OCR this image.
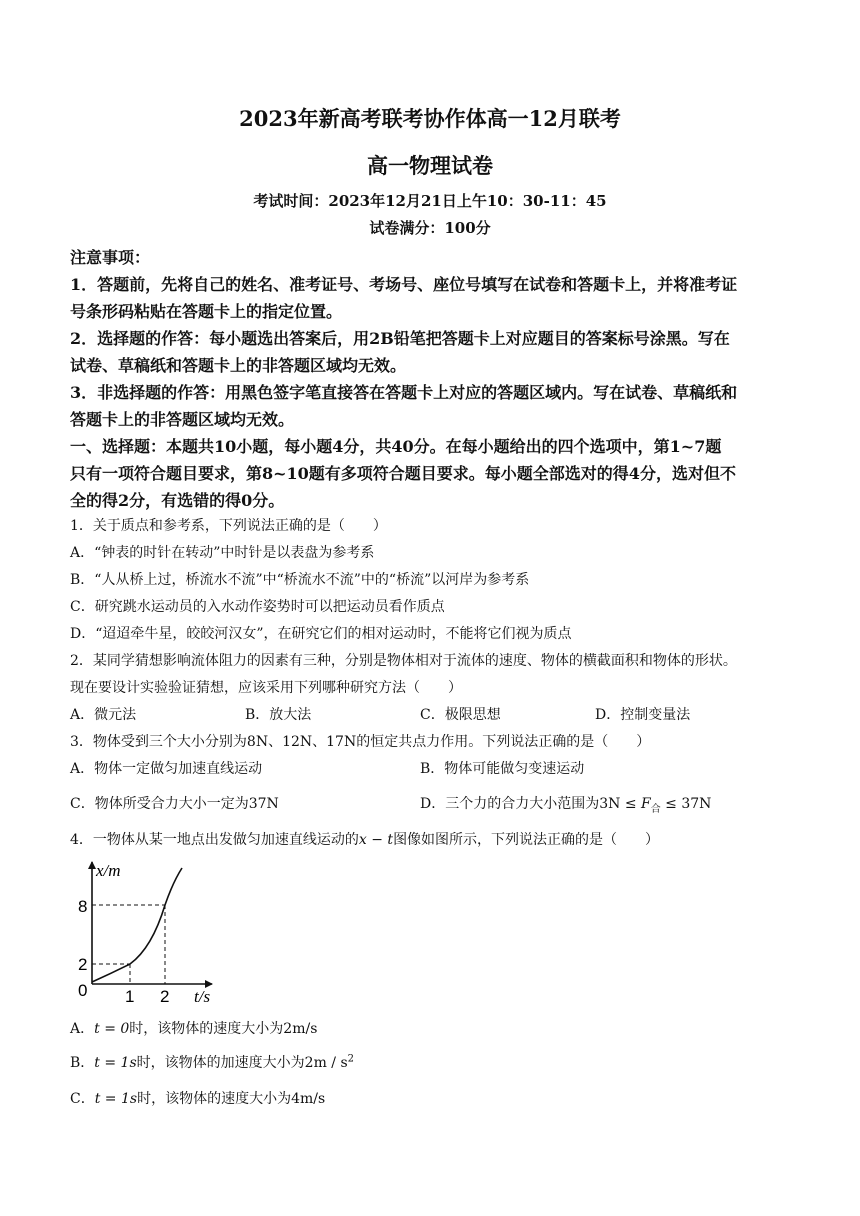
2023年新高考联考协作体高一12月联考
高一物理试卷
考试时间：2023年12月21日上午10：30-11：45
试卷满分：100分
注意事项：
1．答题前，先将自己的姓名、准考证号、考场号、座位号填写在试卷和答题卡上，并将准考证
号条形码粘贴在答题卡上的指定位置。
2．选择题的作答：每小题选出答案后，用2B铅笔把答题卡上对应题目的答案标号涂黑。写在
试卷、草稿纸和答题卡上的非答题区域均无效。
3．非选择题的作答：用黑色签字笔直接答在答题卡上对应的答题区域内。写在试卷、草稿纸和
答题卡上的非答题区域均无效。
一、选择题：本题共10小题，每小题4分，共40分。在每小题给出的四个选项中，第1~7题
只有一项符合题目要求，第8~10题有多项符合题目要求。每小题全部选对的得4分，选对但不
全的得2分，有选错的得0分。
1．关于质点和参考系，下列说法正确的是（　　）
A．“钟表的时针在转动”中时针是以表盘为参考系
B．“人从桥上过，桥流水不流”中“桥流水不流”中的“桥流”以河岸为参考系
C．研究跳水运动员的入水动作姿势时可以把运动员看作质点
D．“迢迢牵牛星，皎皎河汉女”，在研究它们的相对运动时，不能将它们视为质点
2．某同学猜想影响流体阻力的因素有三种，分别是物体相对于流体的速度、物体的横截面积和物体的形状。
现在要设计实验验证猜想，应该采用下列哪种研究方法（　　）
A．微元法	B．放大法	C．极限思想	D．控制变量法
3．物体受到三个大小分别为8N、12N、17N的恒定共点力作用。下列说法正确的是（　　）
A．物体一定做匀加速直线运动	B．物体可能做匀变速运动
C．物体所受合力大小一定为37N	D．三个力的合力大小范围为$3N \le F_合 \le 37N$
4．一物体从某一地点出发做匀加速直线运动的x − t图像如图所示，下列说法正确的是（　　）
x/m
8
2
0 1 2 t/s
A．t = 0时，该物体的速度大小为2m/s
B．t = 1s时，该物体的加速度大小为$2m / s^2$
C．t = 1s时，该物体的速度大小为4m/s
